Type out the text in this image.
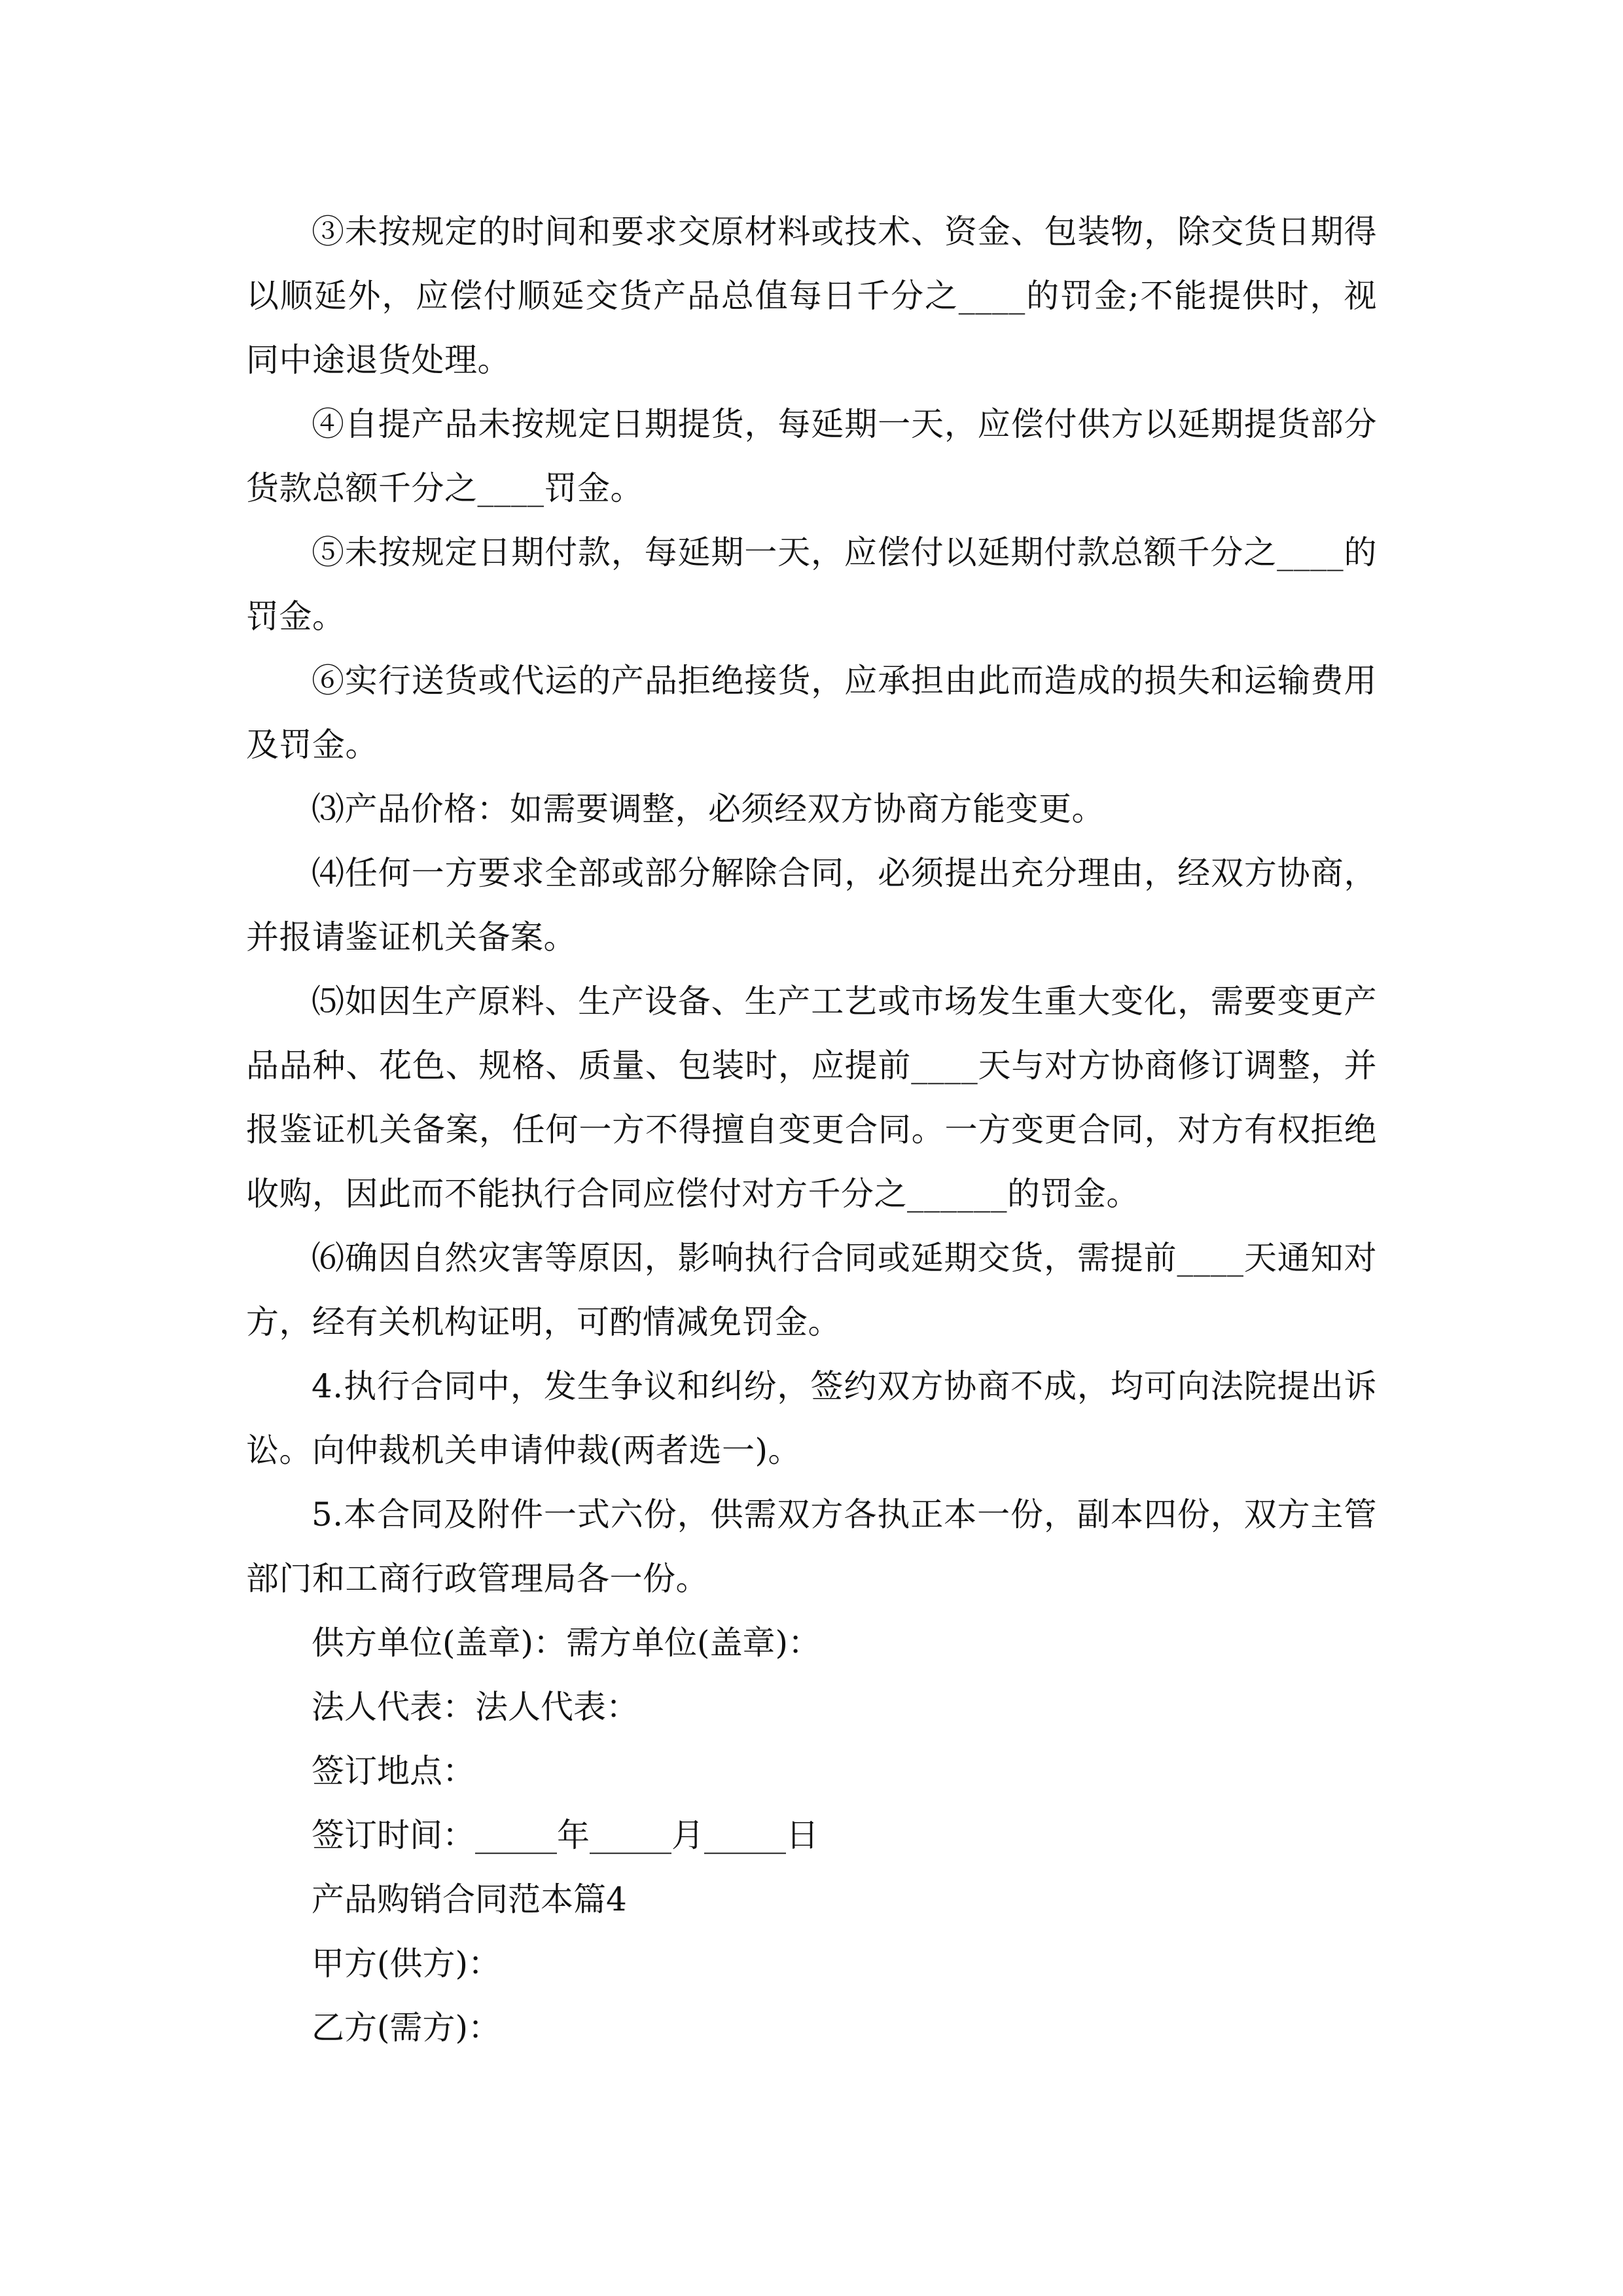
③未按规定的时间和要求交原材料或技术、资金、包装物，除交货日期得以顺延外，应偿付顺延交货产品总值每日千分之____的罚金;不能提供时，视同中途退货处理。

④自提产品未按规定日期提货，每延期一天，应偿付供方以延期提货部分货款总额千分之____罚金。

⑤未按规定日期付款，每延期一天，应偿付以延期付款总额千分之____的罚金。

⑥实行送货或代运的产品拒绝接货，应承担由此而造成的损失和运输费用及罚金。

⑶产品价格：如需要调整，必须经双方协商方能变更。

⑷任何一方要求全部或部分解除合同，必须提出充分理由，经双方协商，并报请鉴证机关备案。

⑸如因生产原料、生产设备、生产工艺或市场发生重大变化，需要变更产品品种、花色、规格、质量、包装时，应提前____天与对方协商修订调整，并报鉴证机关备案，任何一方不得擅自变更合同。一方变更合同，对方有权拒绝收购，因此而不能执行合同应偿付对方千分之______的罚金。

⑹确因自然灾害等原因，影响执行合同或延期交货，需提前____天通知对方，经有关机构证明，可酌情减免罚金。

4.执行合同中，发生争议和纠纷，签约双方协商不成，均可向法院提出诉讼。向仲裁机关申请仲裁(两者选一)。

5.本合同及附件一式六份，供需双方各执正本一份，副本四份，双方主管部门和工商行政管理局各一份。

供方单位(盖章)：需方单位(盖章)：

法人代表：法人代表：

签订地点：

签订时间：_____年_____月_____日

产品购销合同范本篇4

甲方(供方)：

乙方(需方)：
